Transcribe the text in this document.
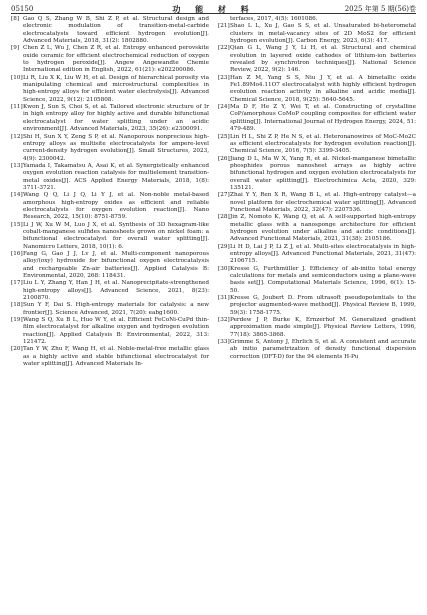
05150	功 能 材 料	2025 年第 5 期(56)卷
[8] Gao Q S, Zhang W B, Shi Z P, et al. Structural design and electronic modulation of transition-metal-carbide electrocatalysts toward efficient hydrogen evolution[J]. Advanced Materials, 2018, 31(2): 1802880.
[9] Chen Z L, Wu J, Chen Z R, et al. Entropy enhanced perovskite oxide ceramic for efficient electrochemical reduction of oxygen to hydrogen peroxide[J]. Angew Angewandte Chemie International edition in English, 2022, 61(21): e202200086.
[10] Li R, Liu X K, Liu W H, et al. Design of hierarchical porosity via manipulating chemical and microstructural complexities in high-entropy alloys for efficient water electrolysis[J]. Advanced Science, 2022, 9(12): 2105808.
[11] Kwon J, Sun S, Choi S, et al. Tailored electronic structure of Ir in high entropy alloy for highly active and durable bifunctional electrocatalyst for water splitting under an acidic environment[J]. Advanced Materials, 2023, 35(26): e2300091.
[12] Shi H, Sun X Y, Zeng S P, et al. Nanoporous nonprecious high-entropy alloys as multisite electrocatalysts for ampere-level current-density hydrogen evolution[J]. Small Structures, 2023, 4(9): 2300042.
[13] Yamada I, Takamatsu A, Asai K, et al. Synergistically enhanced oxygen evolution reaction catalysis for multielement transition-metal oxides[J]. ACS Applied Energy Materials, 2018, 1(8): 3711-3721.
[14] Wang Q Q, Li J Q, Li Y J, et al. Non-noble metal-based amorphous high-entropy oxides as efficient and reliable electrocatalysts for oxygen evolution reaction[J]. Nano Research, 2022, 15(10): 8751-8759.
[15] Li J W, Xu W M, Luo J X, et al. Synthesis of 3D hexagram-like cobalt-manganese sulfides nanosheets grown on nickel foam: a bifunctional electrocatalyst for overall water splitting[J]. Nanomicro Letters, 2018, 10(1): 6.
[16] Fang G, Gao J J, Lv J, et al. Multi-component nanoporous alloy/(oxy) hydroxide for bifunctional oxygen electrocatalysis and rechargeable Zn-air batteries[J]. Applied Catalysis B: Environmental, 2020, 268: 118431.
[17] Liu L Y, Zhang Y, Han J H, et al. Nanoprecipitate-strengthened high-entropy alloys[J]. Advanced Science, 2021, 8(23): 2100870.
[18] Sun Y F, Dai S. High-entropy materials for catalysis: a new frontier[J]. Science Advanced, 2021, 7(20): eabg1600.
[19] Wang S Q, Xu B L, Huo W Y, et al. Efficient FeCoNi-CuPd thin-film electrocatalyst for alkaline oxygen and hydrogen evolution reaction[J]. Applied Catalysis B: Environmental, 2022, 313: 121472.
[20] Tan Y W, Zhu F, Wang H, et al. Noble-metal-free metallic glass as a highly active and stable bifunctional electrocatalyst for water splitting[J]. Advanced Materials In-
terfaces, 2017, 4(5): 1601086.
[21] Shao L L, Xu J, Gao S S, et al. Unsaturated bi-heterometal clusters in metal-vacancy sites of 2D MoS2 for efficient hydrogen evolution[J]. Carbon Energy, 2023, 6(3): 417.
[22] Qian G L, Wang J Y, Li H, et al. Structural and chemical evolution in layered oxide cathodes of lithium-ion batteries revealed by synchrotron techniques[J]. National Science Review, 2022, 9(2): 146.
[23] Han Z M, Yang S S, Niu J Y, et al. A bimetallic oxide Fe1.89Mo4.11O7 electrocatalyst with highly efficient hydrogen evolution reaction activity in alkaline and acidic media[J]. Chemical Science, 2018, 9(25): 5640-5645.
[24] Ma D F, He Z Y, Wei T, et al. Constructing of crystalline CoP/amorphous CoMoP coupling composites for efficient water splitting[J]. International Journal of Hydrogen Energy, 2024, 51: 479-489.
[25] Lin H L, Shi Z P, He N S, et al. Heteronanowires of MoC-Mo2C as efficient electrocatalysts for hydrogen evolution reaction[J]. Chemical Science, 2016, 7(5): 3399-3405.
[26] Jiang D L, Ma W X, Yang R, et al. Nickel-manganese bimetallic phosphides porous nanosheet arrays as highly active bifunctional hydrogen and oxygen evolution electrocatalysts for overall water splitting[J]. Electrochimica Acta, 2020, 329: 135121.
[27] Zhai Y Y, Ren X R, Wang B L, et al. High-entropy catalyst—a novel platform for electrochemical water splitting[J]. Advanced Functional Materials, 2022, 32(47): 2207536.
[28] Jin Z, Nomoto K, Wang Q, et al. A self-supported high-entropy metallic glass with a nanosponge architecture for efficient hydrogen evolution under alkaline and acidic conditions[J]. Advanced Functional Materials, 2021, 31(38): 2105186.
[29] Li H D, Lai J P, Li Z J, et al. Multi-sites electrocatalysis in high-entropy alloys[J]. Advanced Functional Materials, 2021, 31(47): 2106715.
[30] Kresse G, Furthmüller J. Efficiency of ab-initio total energy calculations for metals and semiconductors using a plane-wave basis set[J]. Computational Materials Science, 1996, 6(1): 15-50.
[31] Kresse G, Joubert D. From ultrasoft pseudopotentials to the projector augmented-wave method[J]. Physical Review B, 1999, 59(3): 1758-1775.
[32] Perdew J P, Burke K, Ernzerhof M. Generalized gradient approximation made simple[J]. Physical Review Letters, 1996, 77(18): 3865-3868.
[33] Grimme S, Antony J, Ehrlich S, et al. A consistent and accurate ab initio parametrization of density functional dispersion correction (DFT-D) for the 94 elements H-Pu
